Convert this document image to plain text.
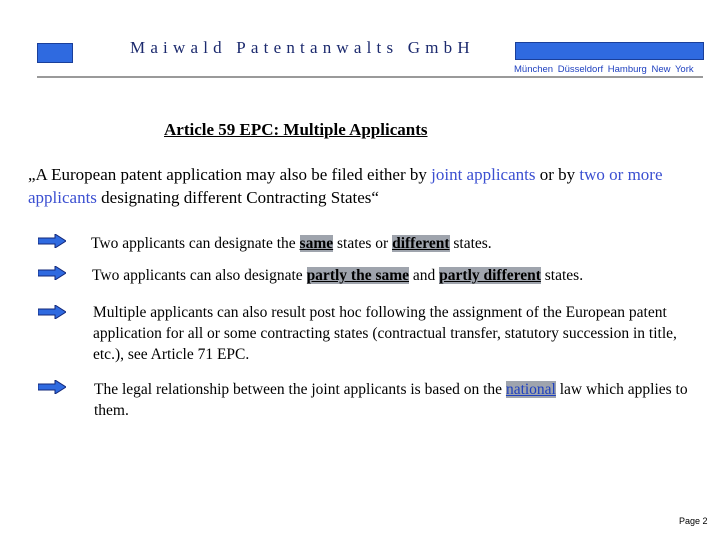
Maiwald Patentanwalts GmbH
München Düsseldorf Hamburg New York
Article 59 EPC: Multiple Applicants
„A European patent application may also be filed either by joint applicants or by two or more applicants designating different Contracting States“
Two applicants can designate the same states or different states.
Two applicants can also designate partly the same and partly different states.
Multiple applicants can also result post hoc following the assignment of the European patent application for all or some contracting states (contractual transfer, statutory succession in title, etc.), see Article 71 EPC.
The legal relationship between the joint applicants is based on the national law which applies to them.
Page 2
